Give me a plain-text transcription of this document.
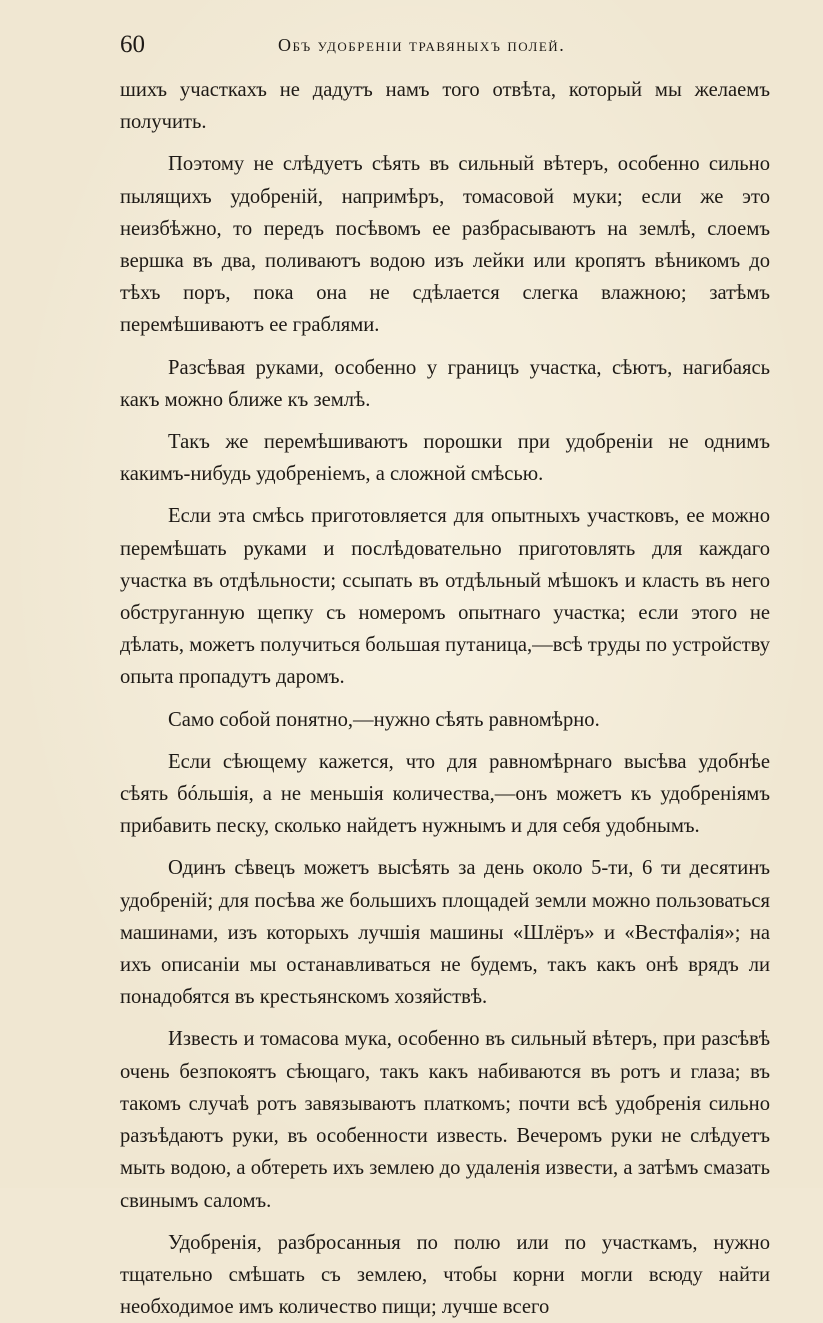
60	Объ удобреніи травяныхъ полей.

шихъ участкахъ не дадутъ намъ того отвѣта, который мы желаемъ получить.

Поэтому не слѣдуетъ сѣять въ сильный вѣтеръ, особенно сильно пылящихъ удобреній, напримѣръ, томасовой муки; если же это неизбѣжно, то передъ посѣвомъ ее разбрасываютъ на землѣ, слоемъ вершка въ два, поливаютъ водою изъ лейки или кропятъ вѣникомъ до тѣхъ поръ, пока она не сдѣлается слегка влажною; затѣмъ перемѣшиваютъ ее граблями.

Разсѣвая руками, особенно у границъ участка, сѣютъ, нагибаясь какъ можно ближе къ землѣ.

Такъ же перемѣшиваютъ порошки при удобреніи не однимъ какимъ-нибудь удобреніемъ, а сложной смѣсью.

Если эта смѣсь приготовляется для опытныхъ участковъ, ее можно перемѣшать руками и послѣдовательно приготовлять для каждаго участка въ отдѣльности; ссыпать въ отдѣльный мѣшокъ и класть въ него обструганную щепку съ номеромъ опытнаго участка; если этого не дѣлать, можетъ получиться большая путаница,—всѣ труды по устройству опыта пропадутъ даромъ.

Само собой понятно,—нужно сѣять равномѣрно.

Если сѣющему кажется, что для равномѣрнаго высѣва удобнѣе сѣять бóльшія, а не меньшія количества,—онъ можетъ къ удобреніямъ прибавить песку, сколько найдетъ нужнымъ и для себя удобнымъ.

Одинъ сѣвецъ можетъ высѣять за день около 5-ти, 6 ти десятинъ удобреній; для посѣва же большихъ площадей земли можно пользоваться машинами, изъ которыхъ лучшія машины «Шлёръ» и «Вестфалія»; на ихъ описаніи мы останавливаться не будемъ, такъ какъ онѣ врядъ ли понадобятся въ крестьянскомъ хозяйствѣ.

Известь и томасова мука, особенно въ сильный вѣтеръ, при разсѣвѣ очень безпокоятъ сѣющаго, такъ какъ набиваются въ ротъ и глаза; въ такомъ случаѣ ротъ завязываютъ платкомъ; почти всѣ удобренія сильно разъѣдаютъ руки, въ особенности известь. Вечеромъ руки не слѣдуетъ мыть водою, а обтереть ихъ землею до удаленія извести, а затѣмъ смазать свинымъ саломъ.

Удобренія, разбросанныя по полю или по участкамъ, нужно тщательно смѣшать съ землею, чтобы корни могли всюду найти необходимое имъ количество пищи; лучше всего
